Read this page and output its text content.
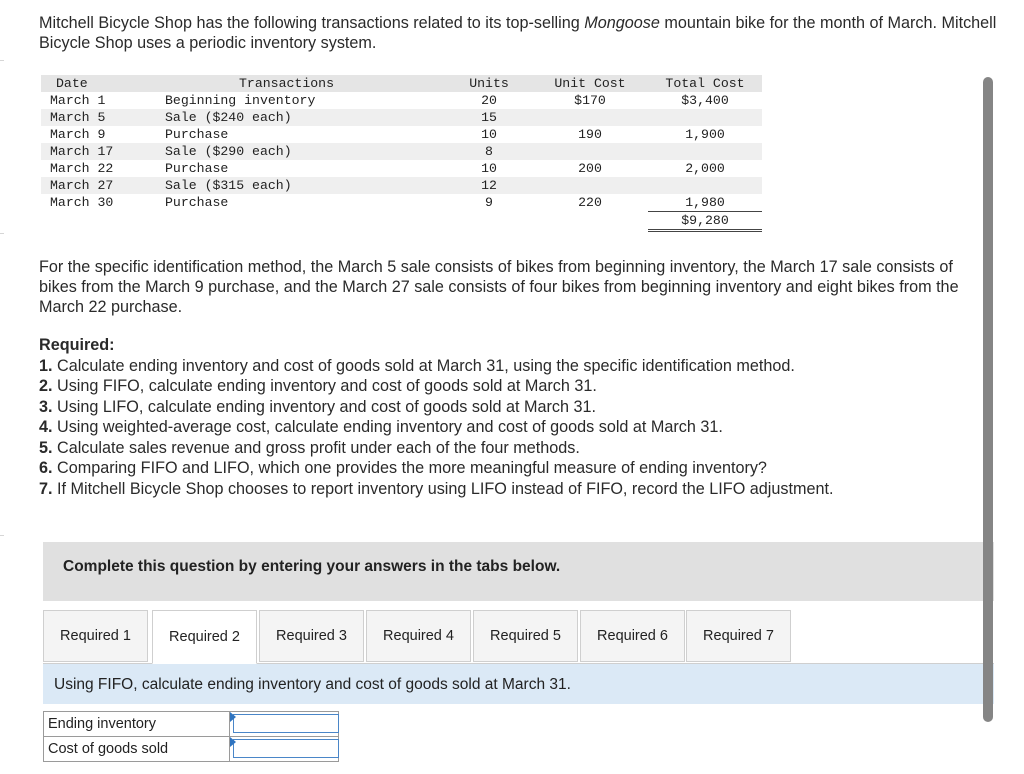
Mitchell Bicycle Shop has the following transactions related to its top-selling Mongoose mountain bike for the month of March. Mitchell Bicycle Shop uses a periodic inventory system.
Date	Transactions	Units	Unit Cost	Total Cost
March 1	Beginning inventory	20	$170	$3,400
March 5	Sale ($240 each)	15		
March 9	Purchase	10	190	1,900
March 17	Sale ($290 each)	8		
March 22	Purchase	10	200	2,000
March 27	Sale ($315 each)	12		
March 30	Purchase	9	220	1,980
				$9,280
For the specific identification method, the March 5 sale consists of bikes from beginning inventory, the March 17 sale consists of bikes from the March 9 purchase, and the March 27 sale consists of four bikes from beginning inventory and eight bikes from the March 22 purchase.
Required:
1. Calculate ending inventory and cost of goods sold at March 31, using the specific identification method.
2. Using FIFO, calculate ending inventory and cost of goods sold at March 31.
3. Using LIFO, calculate ending inventory and cost of goods sold at March 31.
4. Using weighted-average cost, calculate ending inventory and cost of goods sold at March 31.
5. Calculate sales revenue and gross profit under each of the four methods.
6. Comparing FIFO and LIFO, which one provides the more meaningful measure of ending inventory?
7. If Mitchell Bicycle Shop chooses to report inventory using LIFO instead of FIFO, record the LIFO adjustment.
Complete this question by entering your answers in the tabs below.
Required 1	Required 2	Required 3	Required 4	Required 5	Required 6	Required 7
Using FIFO, calculate ending inventory and cost of goods sold at March 31.
Ending inventory	

Cost of goods sold	
